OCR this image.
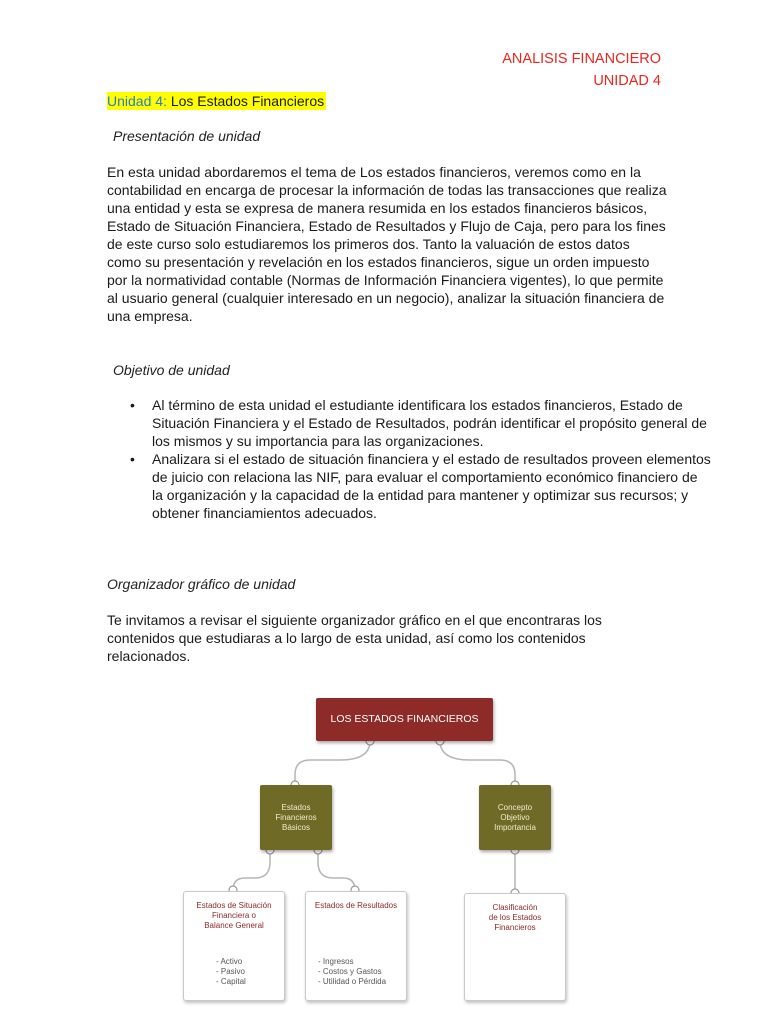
ANALISIS FINANCIERO
UNIDAD 4
Unidad 4: Los Estados Financieros
Presentación de unidad
En esta unidad abordaremos el tema de Los estados financieros, veremos como en la contabilidad en encarga de procesar la información de todas las transacciones que realiza una entidad y esta se expresa de manera resumida en los estados financieros básicos, Estado de Situación Financiera, Estado de Resultados y Flujo de Caja, pero para los fines de este curso solo estudiaremos los primeros dos. Tanto la valuación de estos datos como su presentación y revelación en los estados financieros, sigue un orden impuesto por la normatividad contable (Normas de Información Financiera vigentes), lo que permite al usuario general (cualquier interesado en un negocio), analizar la situación financiera de una empresa.
Objetivo de unidad
• Al término de esta unidad el estudiante identificara los estados financieros, Estado de Situación Financiera y el Estado de Resultados, podrán identificar el propósito general de los mismos y su importancia para las organizaciones.
• Analizara si el estado de situación financiera y el estado de resultados proveen elementos de juicio con relaciona las NIF, para evaluar el comportamiento económico financiero de la organización y la capacidad de la entidad para mantener y optimizar sus recursos; y obtener financiamientos adecuados.
Organizador gráfico de unidad
Te invitamos a revisar el siguiente organizador gráfico en el que encontraras los contenidos que estudiaras a lo largo de esta unidad, así como los contenidos relacionados.
LOS ESTADOS FINANCIEROS
Estados
Financieros
Básicos
Concepto
Objetivo
Importancia
Estados de Situación
Financiera o
Balance General
- Activo
- Pasivo
- Capital
Estados de Resultados
- Ingresos
- Costos y Gastos
- Utilidad o Pérdida
Clasificación
de los Estados
Financieros
